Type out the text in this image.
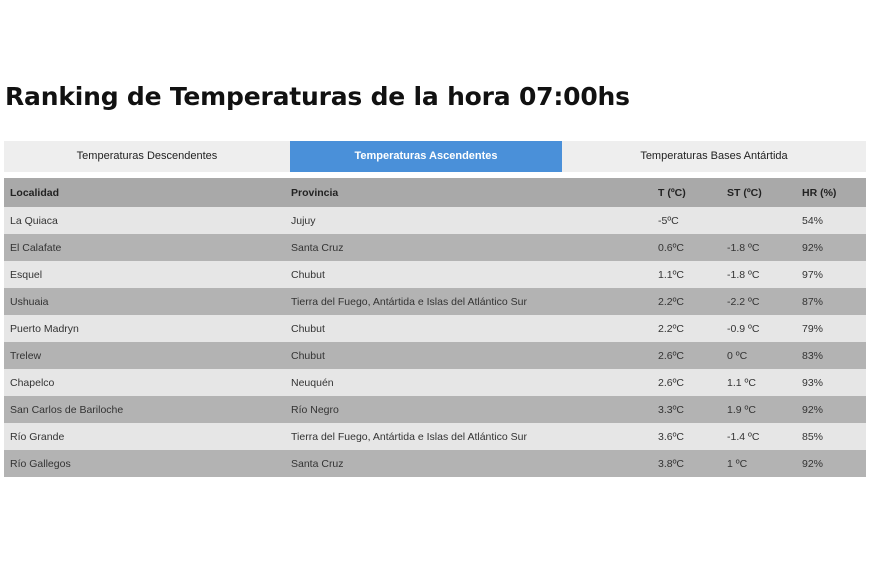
Ranking de Temperaturas de la hora 07:00hs
Temperaturas Descendentes	Temperaturas Ascendentes	Temperaturas Bases Antártida
Localidad	Provincia	T (ºC)	ST (ºC)	HR (%)
La Quiaca	Jujuy	-5ºC		54%
El Calafate	Santa Cruz	0.6ºC	-1.8 ºC	92%
Esquel	Chubut	1.1ºC	-1.8 ºC	97%
Ushuaia	Tierra del Fuego, Antártida e Islas del Atlántico Sur	2.2ºC	-2.2 ºC	87%
Puerto Madryn	Chubut	2.2ºC	-0.9 ºC	79%
Trelew	Chubut	2.6ºC	0 ºC	83%
Chapelco	Neuquén	2.6ºC	1.1 ºC	93%
San Carlos de Bariloche	Río Negro	3.3ºC	1.9 ºC	92%
Río Grande	Tierra del Fuego, Antártida e Islas del Atlántico Sur	3.6ºC	-1.4 ºC	85%
Río Gallegos	Santa Cruz	3.8ºC	1 ºC	92%
